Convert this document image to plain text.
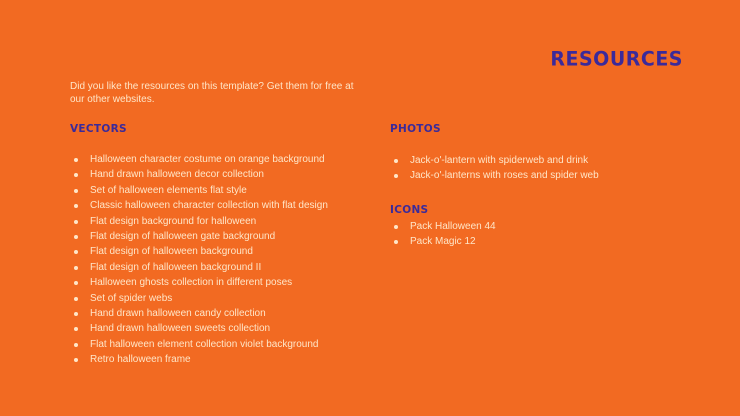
RESOURCES
Did you like the resources on this template? Get them for free at our other websites.
VECTORS
Halloween character costume on orange background
Hand drawn halloween decor collection
Set of halloween elements flat style
Classic halloween character collection with flat design
Flat design background for halloween
Flat design of halloween gate background
Flat design of halloween background
Flat design of halloween background II
Halloween ghosts collection in different poses
Set of spider webs
Hand drawn halloween candy collection
Hand drawn halloween sweets collection
Flat halloween element collection violet background
Retro halloween frame
PHOTOS
Jack-o'-lantern with spiderweb and drink
Jack-o'-lanterns with roses and spider web
ICONS
Pack Halloween 44
Pack Magic 12
